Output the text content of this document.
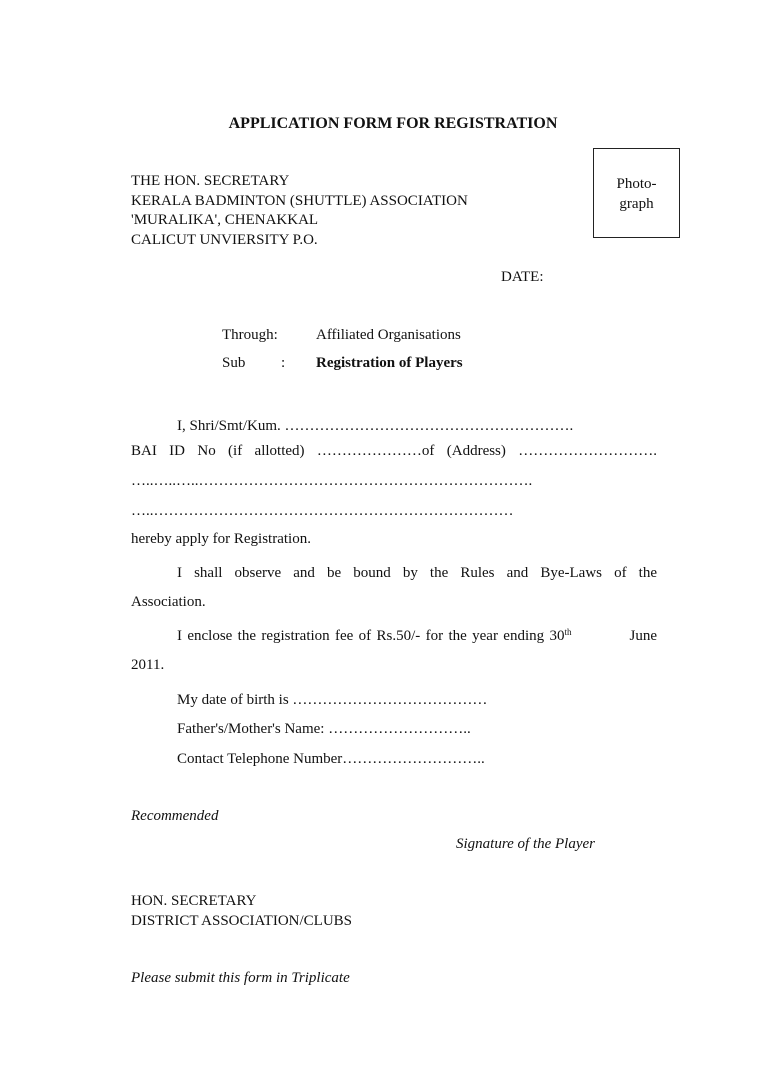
APPLICATION FORM FOR REGISTRATION
THE HON. SECRETARY
KERALA BADMINTON (SHUTTLE) ASSOCIATION
'MURALIKA', CHENAKKAL
CALICUT UNVIERSITY P.O.
Photo-
graph
DATE:
Through:	Affiliated Organisations
Sub : Registration of Players
I, Shri/Smt/Kum. ………………………………………………….
BAI ID No (if allotted) …………………of (Address) ……………………….
…..…..…..………………………………………………………….
…..………………………………………………………………
hereby apply for Registration.
I shall observe and be bound by the Rules and Bye-Laws of the
Association.
I enclose the registration fee of Rs.50/- for the year ending 30th	June
2011.
My date of birth is …………………………………
Father's/Mother's Name: ………………………..
Contact Telephone Number………………………..
Recommended
Signature of the Player
HON. SECRETARY
DISTRICT ASSOCIATION/CLUBS
Please submit this form in Triplicate
